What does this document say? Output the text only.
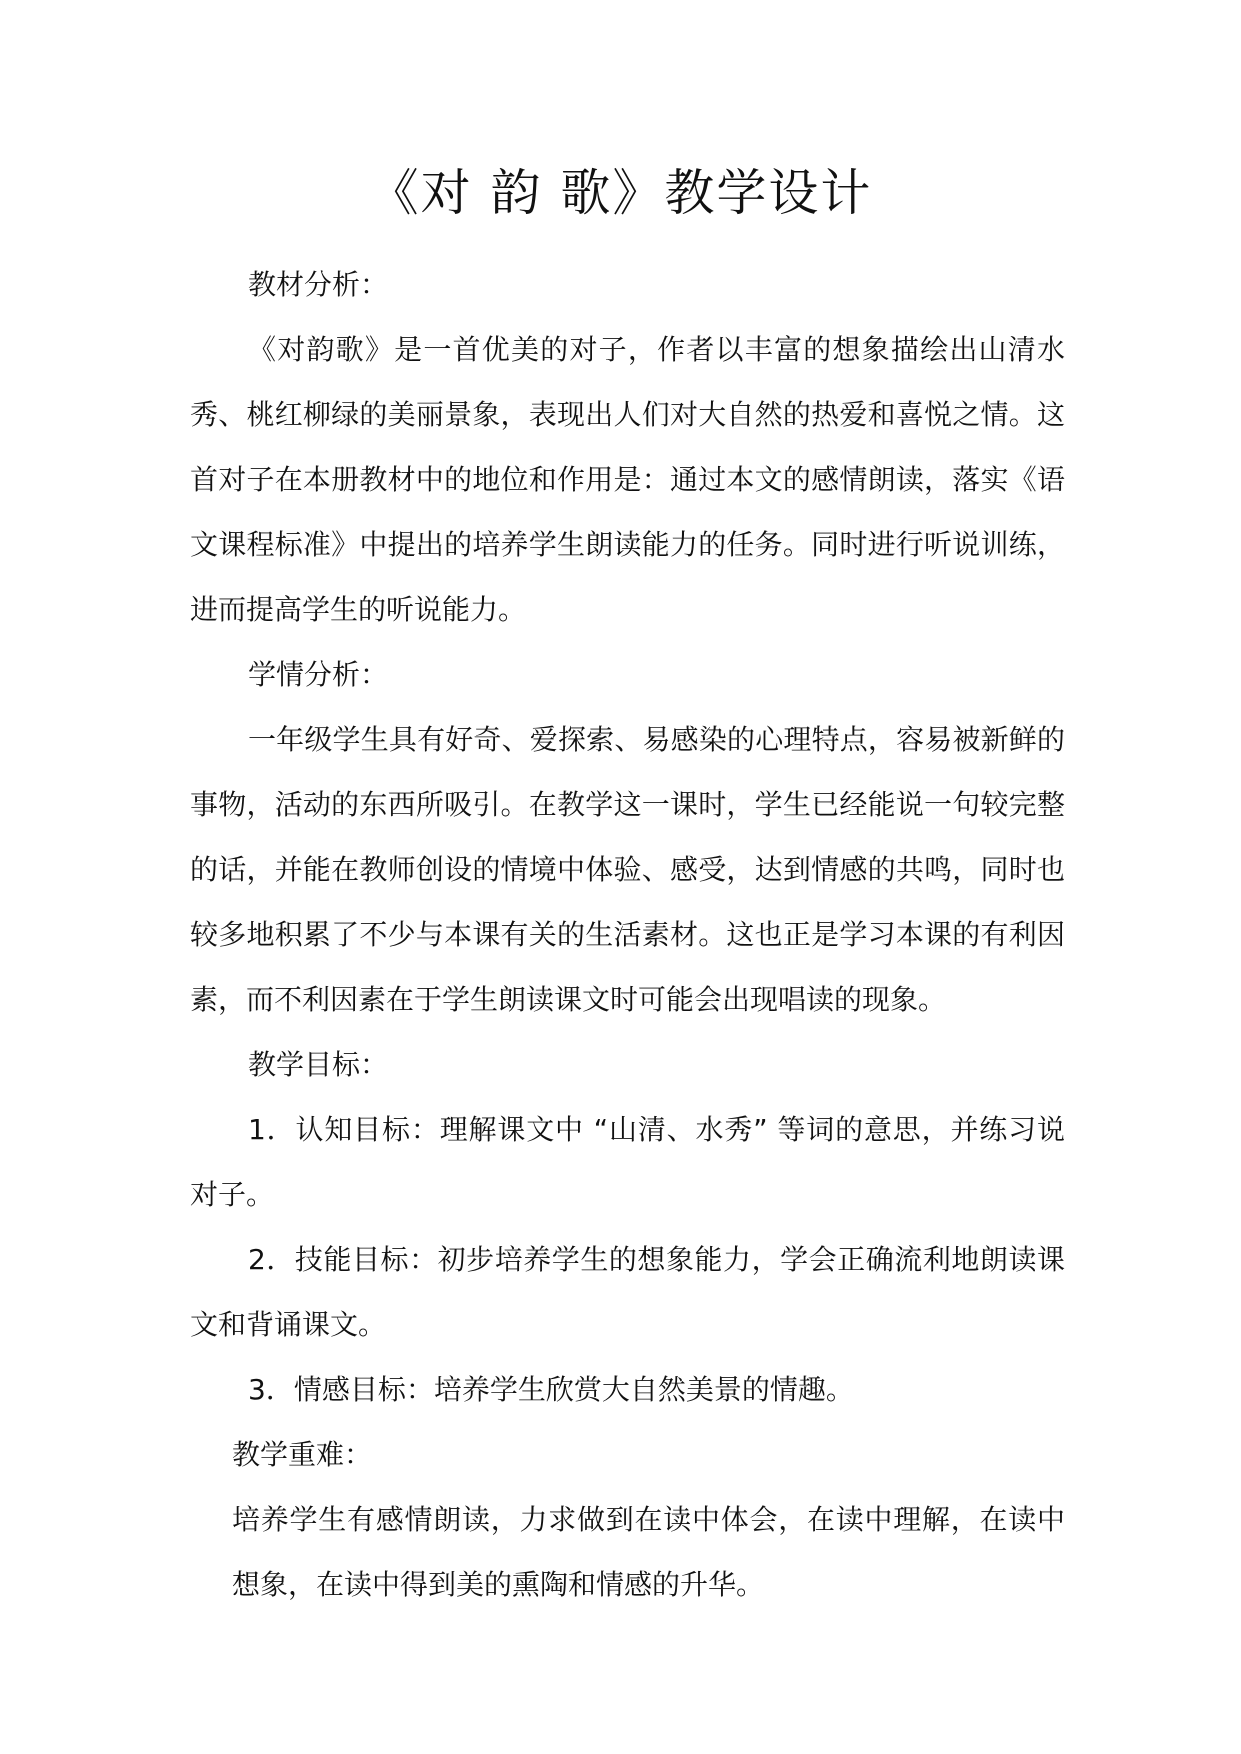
《对 韵 歌》教学设计

教材分析：

《对韵歌》是一首优美的对子，作者以丰富的想象描绘出山清水秀、桃红柳绿的美丽景象，表现出人们对大自然的热爱和喜悦之情。这首对子在本册教材中的地位和作用是：通过本文的感情朗读，落实《语文课程标准》中提出的培养学生朗读能力的任务。同时进行听说训练，进而提高学生的听说能力。

学情分析：

一年级学生具有好奇、爱探索、易感染的心理特点，容易被新鲜的事物，活动的东西所吸引。在教学这一课时，学生已经能说一句较完整的话，并能在教师创设的情境中体验、感受，达到情感的共鸣，同时也较多地积累了不少与本课有关的生活素材。这也正是学习本课的有利因素，而不利因素在于学生朗读课文时可能会出现唱读的现象。

教学目标：

1．认知目标：理解课文中 “山清、水秀” 等词的意思，并练习说对子。

2．技能目标：初步培养学生的想象能力，学会正确流利地朗读课文和背诵课文。

3．情感目标：培养学生欣赏大自然美景的情趣。

教学重难：

培养学生有感情朗读，力求做到在读中体会，在读中理解，在读中想象，在读中得到美的熏陶和情感的升华。
